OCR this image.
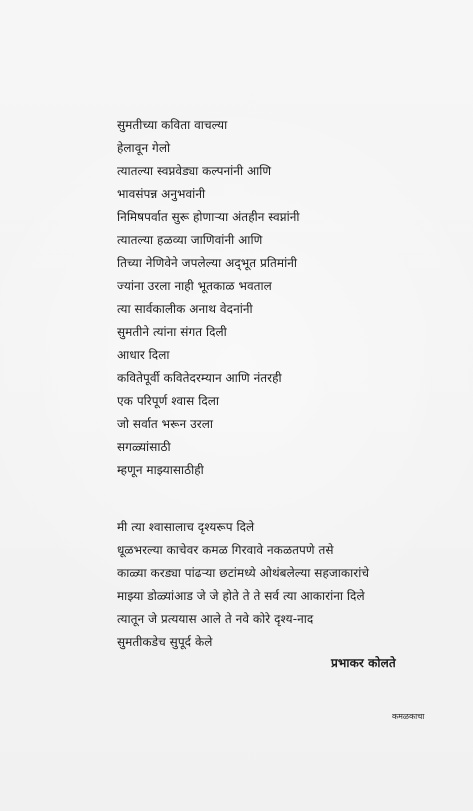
सुमतीच्या कविता वाचल्या
हेलावून गेलो
त्यातल्या स्वप्नवेड्या कल्पनांनी आणि
भावसंपन्न अनुभवांनी
निमिषपर्वात सुरू होणाऱ्या अंतहीन स्वप्नांनी
त्यातल्या हळव्या जाणिवांनी आणि
तिच्या नेणिवेने जपलेल्या अद्‌भूत प्रतिमांनी
ज्यांना उरला नाही भूतकाळ भवताल
त्या सार्वकालीक अनाथ वेदनांनी
सुमतीने त्यांना संगत दिली
आधार दिला
कवितेपूर्वी कवितेदरम्यान आणि नंतरही
एक परिपूर्ण श्वास दिला
जो सर्वात भरून उरला
सगळ्यांसाठी
म्हणून माझ्यासाठीही
मी त्या श्वासालाच दृश्यरूप दिले
धूळभरल्या काचेवर कमळ गिरवावे नकळतपणे तसे
काळ्या करड्या पांढऱ्या छटांमध्ये ओथंबलेल्या सहजाकारांचे
माझ्या डोळ्यांआड जे जे होते ते ते सर्व त्या आकारांना दिले
त्यातून जे प्रत्ययास आले ते नवे कोरे दृश्य-नाद
सुमतीकडेच सुपूर्द केले
प्रभाकर कोलते
कमळकाचा
